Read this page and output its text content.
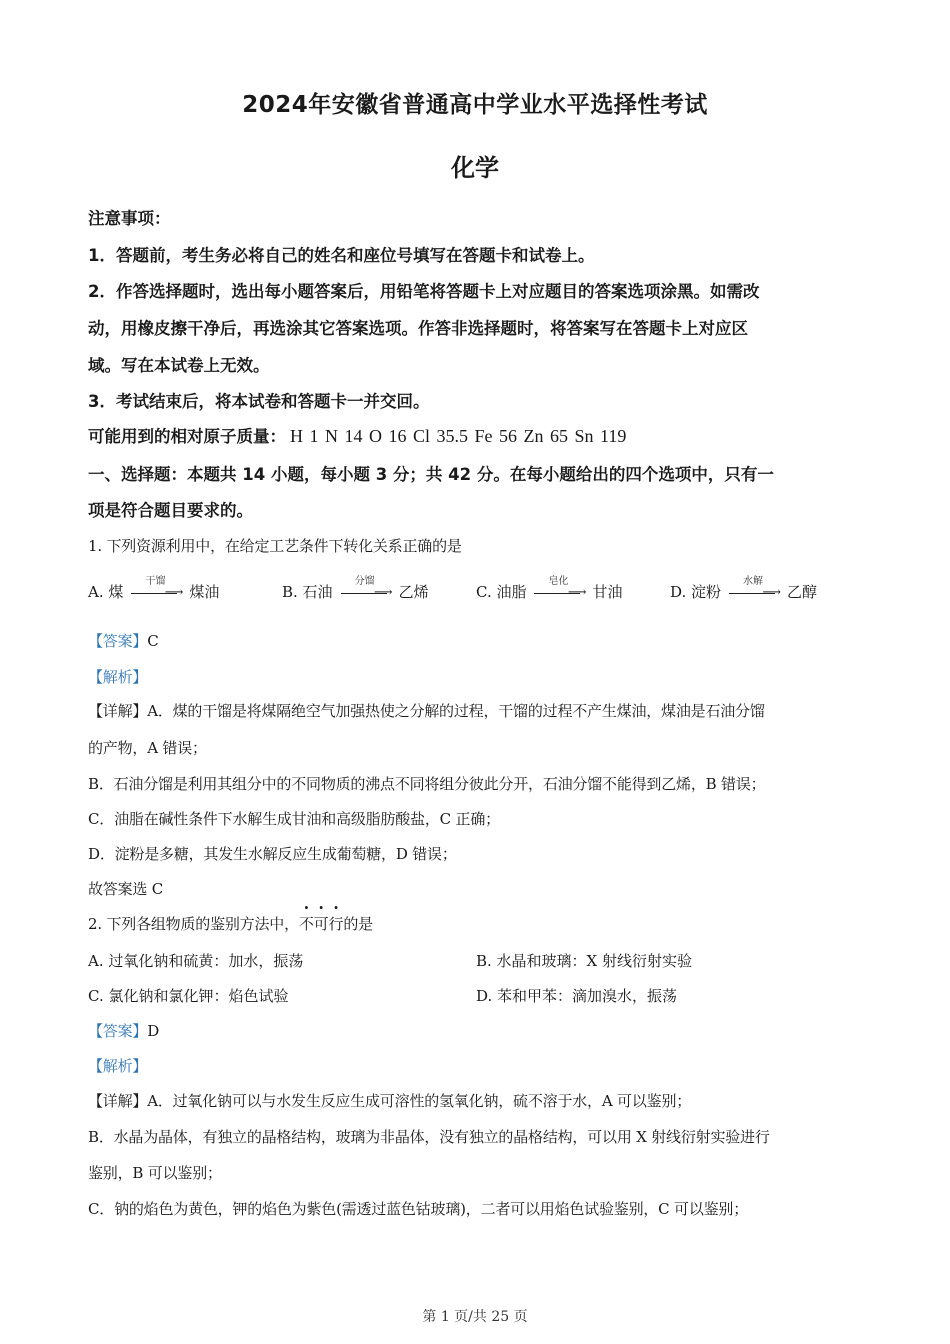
2024年安徽省普通高中学业水平选择性考试
化学
注意事项：
1．答题前，考生务必将自己的姓名和座位号填写在答题卡和试卷上。
2．作答选择题时，选出每小题答案后，用铅笔将答题卡上对应题目的答案选项涂黑。如需改
动，用橡皮擦干净后，再选涂其它答案选项。作答非选择题时，将答案写在答题卡上对应区
域。写在本试卷上无效。
3．考试结束后，将本试卷和答题卡一并交回。
可能用到的相对原子质量： H 1 N 14 O 16 Cl 35.5 Fe 56 Zn 65 Sn 119
一、选择题：本题共 14 小题，每小题 3 分；共 42 分。在每小题给出的四个选项中，只有一
项是符合题目要求的。
1. 下列资源利用中，在给定工艺条件下转化关系正确的是
A. 煤
干馏
⟶ 煤油	B. 石油
分馏
⟶ 乙烯	C. 油脂
皂化
⟶ 甘油	D. 淀粉
水解
⟶ 乙醇
【答案】C
【解析】
【详解】A．煤的干馏是将煤隔绝空气加强热使之分解的过程，干馏的过程不产生煤油，煤油是石油分馏
的产物，A 错误；
B．石油分馏是利用其组分中的不同物质的沸点不同将组分彼此分开，石油分馏不能得到乙烯，B 错误；
C．油脂在碱性条件下水解生成甘油和高级脂肪酸盐，C 正确；
D．淀粉是多糖，其发生水解反应生成葡萄糖，D 错误；
故答案选 C
2. 下列各组物质的鉴别方法中，不可行的是
A. 过氧化钠和硫黄：加水，振荡	B. 水晶和玻璃：X 射线衍射实验
C. 氯化钠和氯化钾：焰色试验	D. 苯和甲苯：滴加溴水，振荡
【答案】D
【解析】
【详解】A．过氧化钠可以与水发生反应生成可溶性的氢氧化钠，硫不溶于水，A 可以鉴别；
B．水晶为晶体，有独立的晶格结构，玻璃为非晶体，没有独立的晶格结构，可以用 X 射线衍射实验进行
鉴别，B 可以鉴别；
C．钠的焰色为黄色，钾的焰色为紫色(需透过蓝色钴玻璃)，二者可以用焰色试验鉴别，C 可以鉴别；
第 1 页/共 25 页
